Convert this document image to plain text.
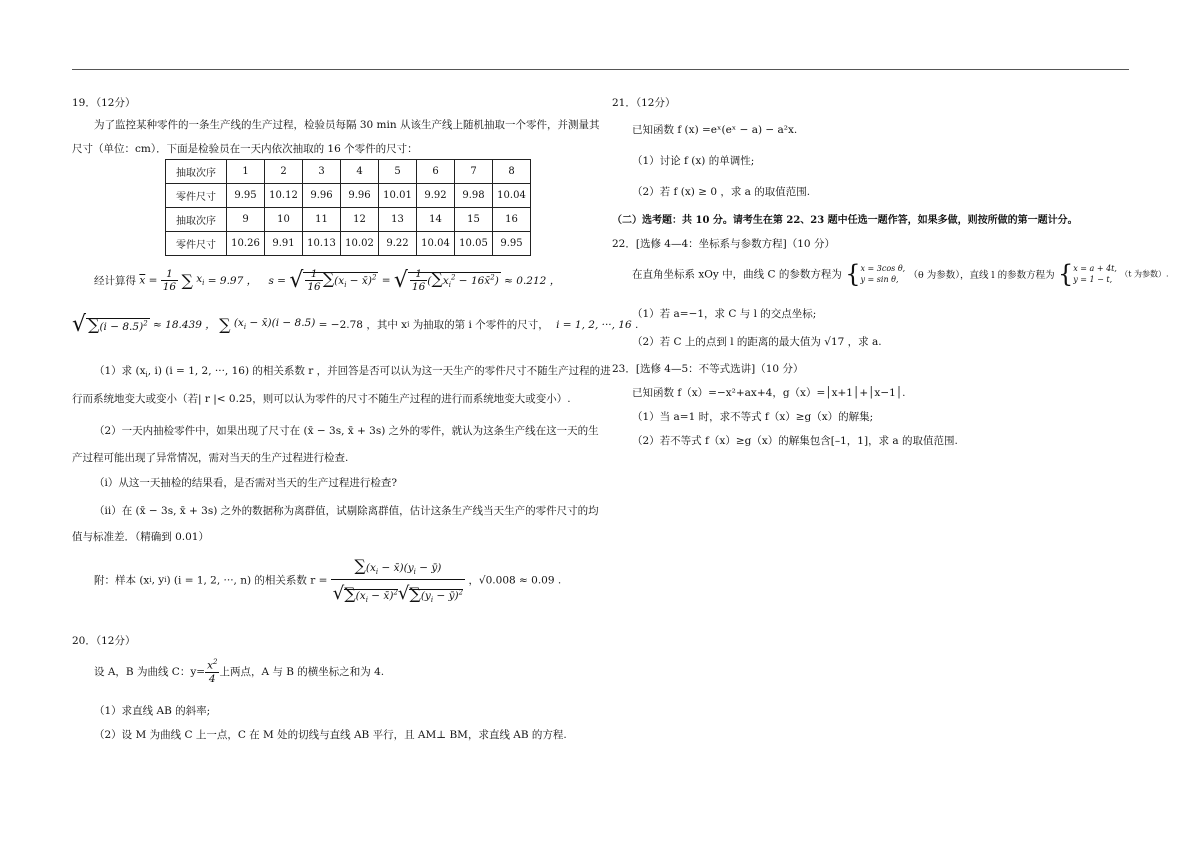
19．（12分）
为了监控某种零件的一条生产线的生产过程，检验员每隔 30 min 从该生产线上随机抽取一个零件，并测量其
尺寸（单位：cm）．下面是检验员在一天内依次抽取的 16 个零件的尺寸：
抽取次序	1	2	3	4	5	6	7	8
零件尺寸	9.95	10.12	9.96	9.96	10.01	9.92	9.98	10.04
抽取次序	9	10	11	12	13	14	15	16
零件尺寸	10.26	9.91	10.13	10.02	9.22	10.04	10.05	9.95
经计算得 $\overline{x} = \frac{1}{16}$ ∑ $x_i = 9.97$ ， s = √ $\frac{1}{16} \sum(x_i$ − x̄)$^2$ = √ $\frac{1}{16} (\sum x_i^2$ − 16x̄$^2$) ≈ 0.212 ，
√ $\sum(i - 8.5)^2 \approx 18.439$ ， ∑ ($x_i$ − x̄)(i − 8.5) = −2.78 ，其中 xi 为抽取的第 i 个零件的尺寸， i = 1, 2, ···, 16 .
（1）求 ($x_i$, i) (i = 1, 2, ···, 16) 的相关系数 r ，并回答是否可以认为这一天生产的零件尺寸不随生产过程的进
行而系统地变大或变小（若| r |< 0.25，则可以认为零件的尺寸不随生产过程的进行而系统地变大或变小）.
（2）一天内抽检零件中，如果出现了尺寸在 (x̄ − 3s, x̄ + 3s) 之外的零件，就认为这条生产线在这一天的生
产过程可能出现了异常情况，需对当天的生产过程进行检查.
（ⅰ）从这一天抽检的结果看，是否需对当天的生产过程进行检查?
（ⅱ）在 (x̄ − 3s, x̄ + 3s) 之外的数据称为离群值，试剔除离群值，估计这条生产线当天生产的零件尺寸的均
值与标准差．（精确到 0.01）
附：样本 (xi, yi) (i = 1, 2, ···, n) 的相关系数 $r = \frac{\sum(x_i - x̄)(y_i - ȳ)}{√\sum(x_i - x̄)^2√\sum(y_i - ȳ)^2}$ ，√0.008 ≈ 0.09 .
20．（12分）
设 A，B 为曲线 C：$y= \frac{x^2}{4}$ 上两点，A 与 B 的横坐标之和为 4.
（1）求直线 AB 的斜率;
（2）设 M 为曲线 C 上一点，C 在 M 处的切线与直线 AB 平行，且 AM⊥ BM，求直线 AB 的方程.
21．（12分）
已知函数 f (x) =eˣ(eˣ − a) − a²x.
（1）讨论 f (x) 的单调性;
（2）若 f (x) ≥ 0 ，求 a 的取值范围.
（二）选考题：共 10 分。请考生在第 22、23 题中任选一题作答，如果多做，则按所做的第一题计分。
22．[选修 4—4：坐标系与参数方程]（10 分）
在直角坐标系 xOy 中，曲线 C 的参数方程为 {x = 3cos θ,
y = sin θ, （θ 为参数），直线 l 的参数方程为 {x = a + 4t,
y = 1 − t, （t 为参数）.
（1）若 a=−1，求 C 与 l 的交点坐标;
（2）若 C 上的点到 l 的距离的最大值为 √17 ，求 a.
23．[选修 4—5：不等式选讲]（10 分）
已知函数 f（x）=−x²+ax+4，g（x）=│x+1│+│x−1│.
（1）当 a=1 时，求不等式 f（x）≥g（x）的解集;
（2）若不等式 f（x）≥g（x）的解集包含[–1，1]，求 a 的取值范围.
